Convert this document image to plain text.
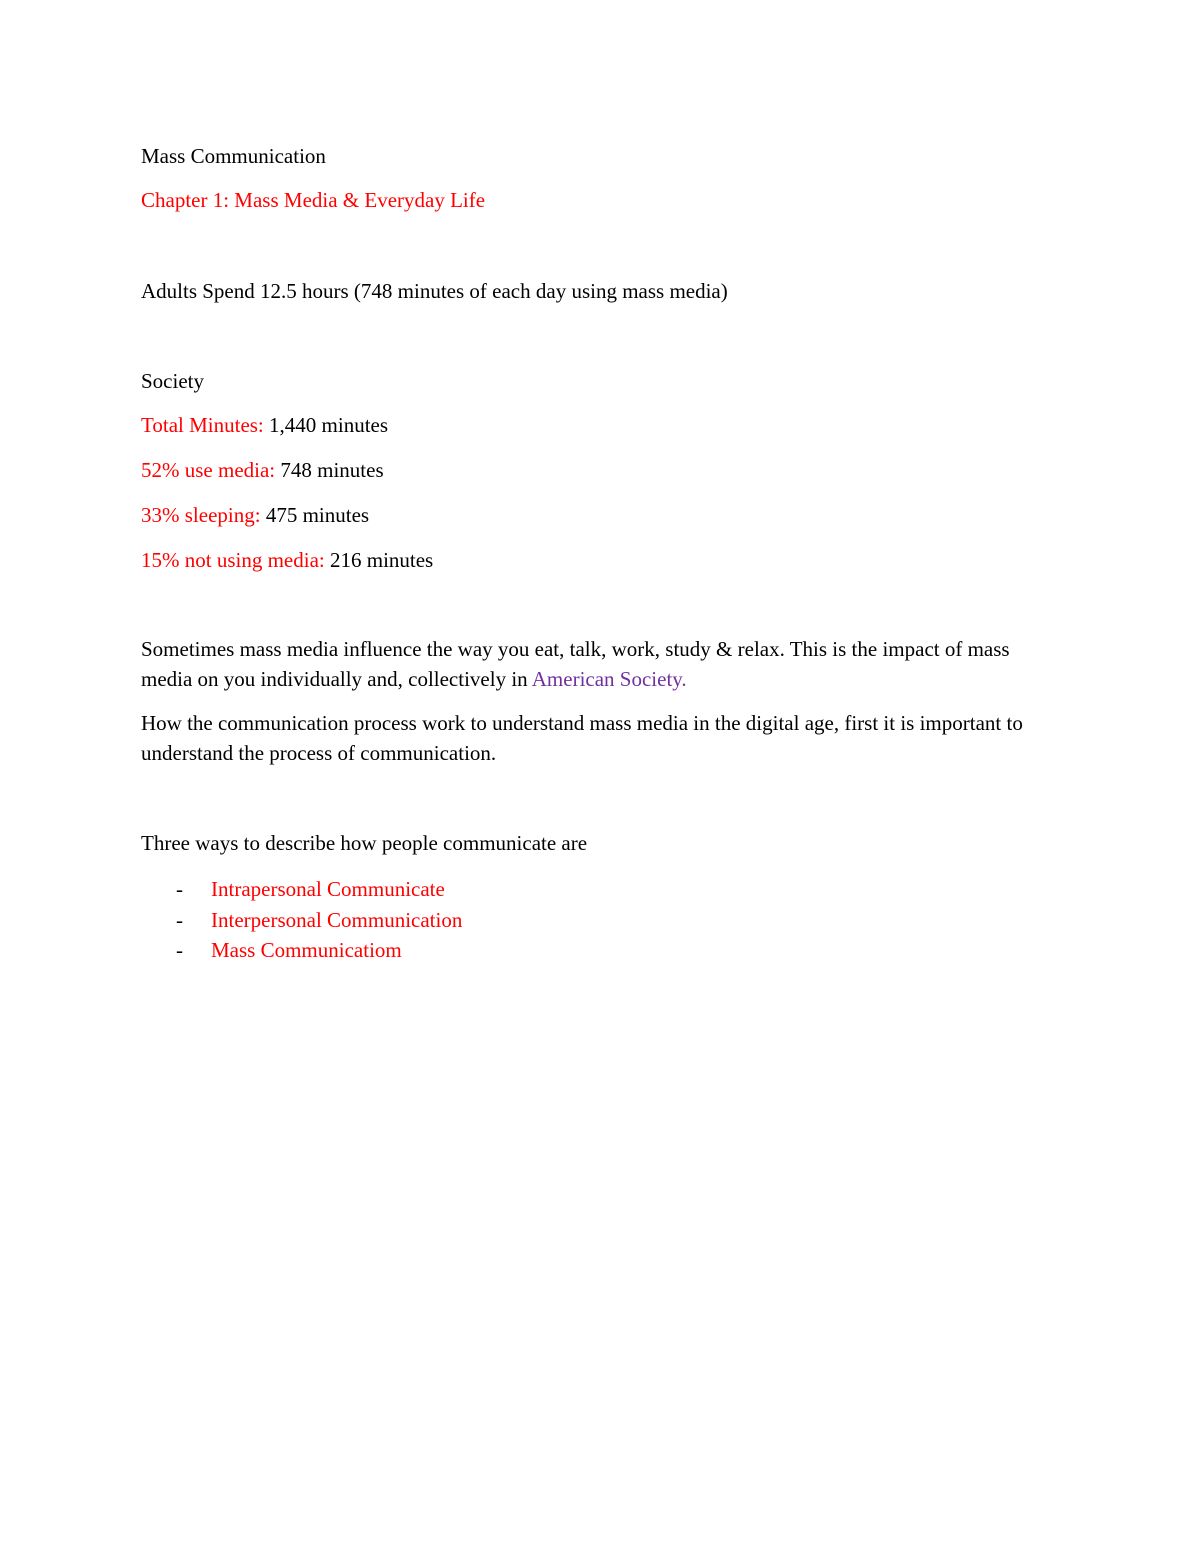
Mass Communication

Chapter 1: Mass Media & Everyday Life

Adults Spend 12.5 hours (748 minutes of each day using mass media)

Society

Total Minutes: 1,440 minutes

52% use media: 748 minutes

33% sleeping: 475 minutes

15% not using media: 216 minutes

Sometimes mass media influence the way you eat, talk, work, study & relax. This is the impact of mass media on you individually and, collectively in American Society.

How the communication process work to understand mass media in the digital age, first it is important to understand the process of communication.

Three ways to describe how people communicate are

- Intrapersonal Communicate
- Interpersonal Communication
- Mass Communicatiom
